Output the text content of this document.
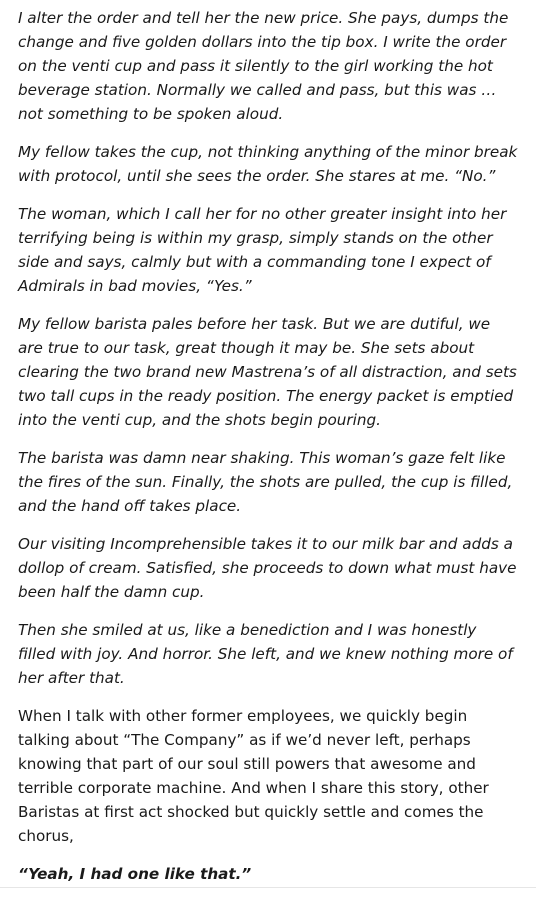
I alter the order and tell her the new price. She pays, dumps the change and five golden dollars into the tip box. I write the order on the venti cup and pass it silently to the girl working the hot beverage station. Normally we called and pass, but this was … not something to be spoken aloud.

My fellow takes the cup, not thinking anything of the minor break with protocol, until she sees the order. She stares at me. “No.”

The woman, which I call her for no other greater insight into her terrifying being is within my grasp, simply stands on the other side and says, calmly but with a commanding tone I expect of Admirals in bad movies, “Yes.”

My fellow barista pales before her task. But we are dutiful, we are true to our task, great though it may be. She sets about clearing the two brand new Mastrena’s of all distraction, and sets two tall cups in the ready position. The energy packet is emptied into the venti cup, and the shots begin pouring.

The barista was damn near shaking. This woman’s gaze felt like the fires of the sun. Finally, the shots are pulled, the cup is filled, and the hand off takes place.

Our visiting Incomprehensible takes it to our milk bar and adds a dollop of cream. Satisfied, she proceeds to down what must have been half the damn cup.

Then she smiled at us, like a benediction and I was honestly filled with joy. And horror. She left, and we knew nothing more of her after that.

When I talk with other former employees, we quickly begin talking about “The Company” as if we’d never left, perhaps knowing that part of our soul still powers that awesome and terrible corporate machine. And when I share this story, other Baristas at first act shocked but quickly settle and comes the chorus,

“Yeah, I had one like that.”
